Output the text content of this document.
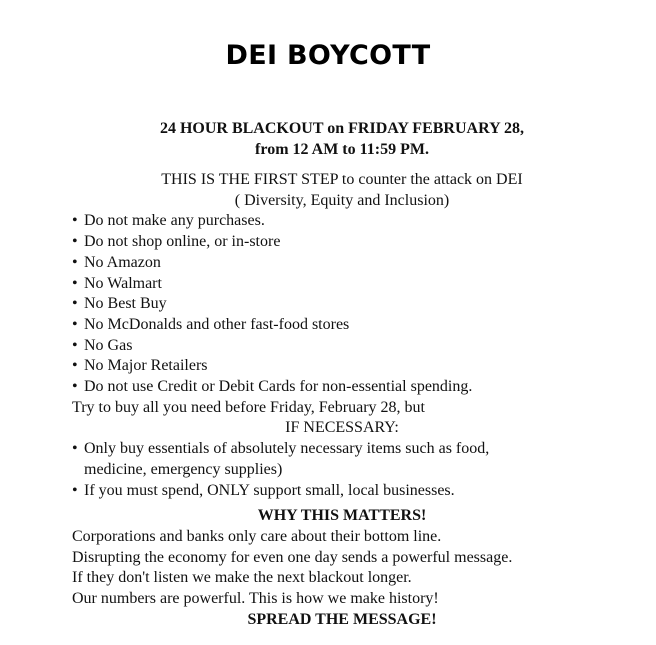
DEI BOYCOTT
24 HOUR BLACKOUT on FRIDAY FEBRUARY 28,
from 12 AM to 11:59 PM.
THIS IS THE FIRST STEP to counter the attack on DEI
( Diversity, Equity and Inclusion)
• Do not make any purchases.
• Do not shop online, or in-store
• No Amazon
• No Walmart
• No Best Buy
• No McDonalds and other fast-food stores
• No Gas
• No Major Retailers
• Do not use Credit or Debit Cards for non-essential spending.
Try to buy all you need before Friday, February 28, but
IF NECESSARY:
• Only buy essentials of absolutely necessary items such as food, medicine, emergency supplies)
• If you must spend, ONLY support small, local businesses.
WHY THIS MATTERS!
Corporations and banks only care about their bottom line.
Disrupting the economy for even one day sends a powerful message.
If they don't listen we make the next blackout longer.
Our numbers are powerful. This is how we make history!
SPREAD THE MESSAGE!
